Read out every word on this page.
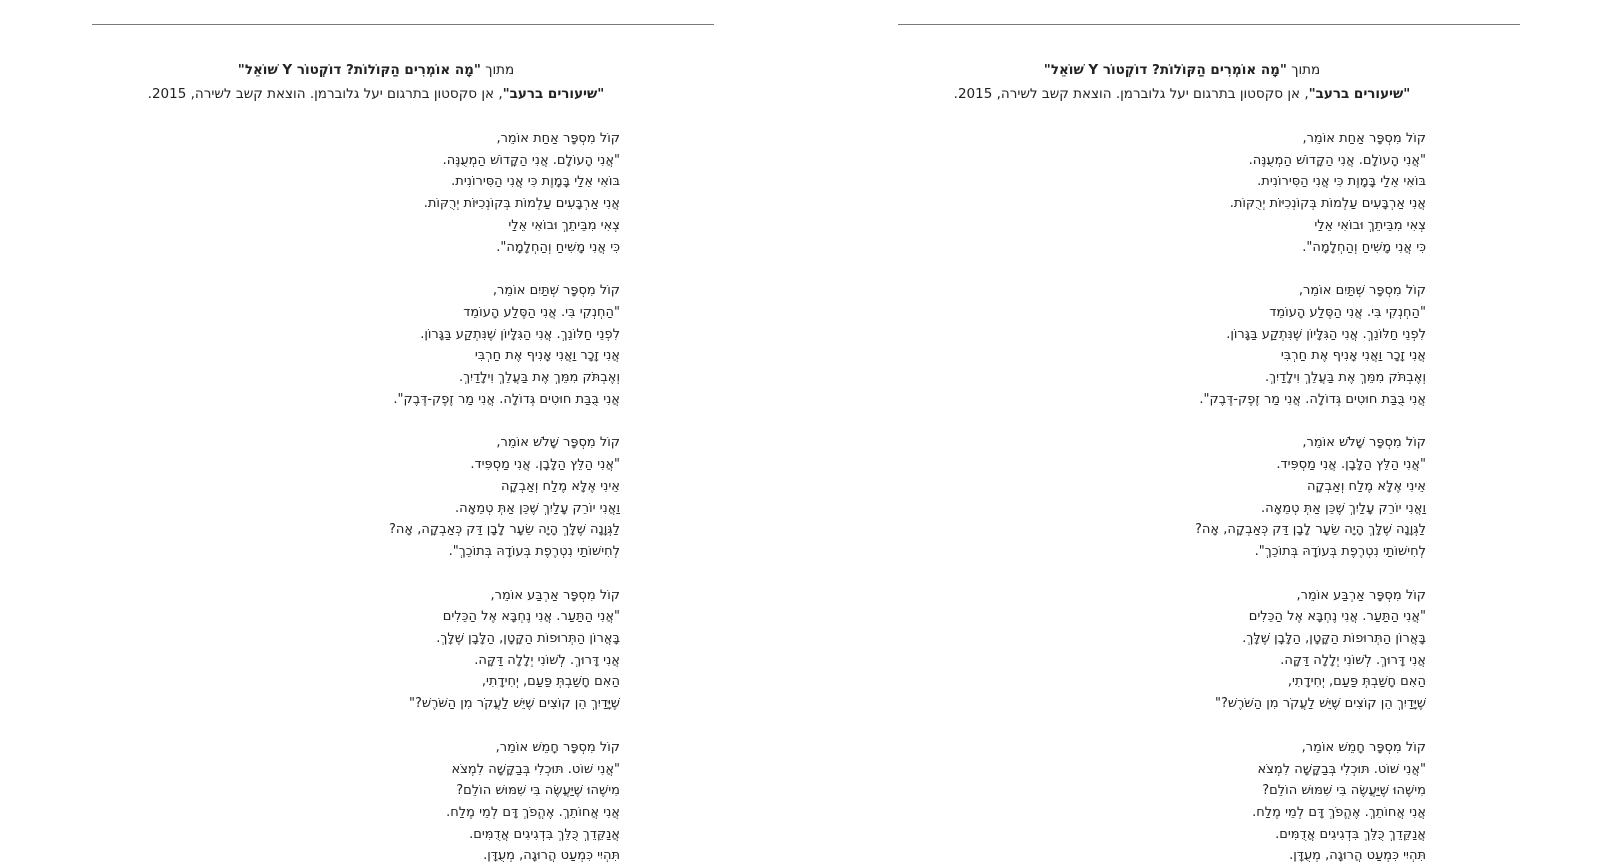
מתוך "מָה אוֹמְרִים הַקּוֹלוֹת? דוֹקְטוֹר Y שׁוֹאֵל"
"שיעורים ברעב", אן סקסטון בתרגום יעל גלוברמן. הוצאת קשב לשירה, 2015.
קוֹל מִסְפָּר אַחַת אוֹמֵר,
"אֲנִי הָעוֹלָם. אֲנִי הַקָּדוֹשׁ הַמְעֻנֶּה.
בּוֹאִי אֵלַי בָּמָוֶת כִּי אֲנִי הַסִּירוֹנִית.
אֲנִי אַרְבָּעִים עַלְמוֹת בְּקוֹנְכִיּוֹת יְרֻקּוֹת.
צְאִי מִבֵּיתֵךְ וּבוֹאִי אֵלַי
כִּי אֲנִי מָשִׁיחַ וְהַחְלָמָה".
קוֹל מִסְפָּר שְׁתַּיִם אוֹמֵר,
"הַחְנְקִי בִּי. אֲנִי הַסֶּלַע הָעוֹמֵד
לִפְנֵי חַלּוֹנֵךְ. אֲנִי הַגִּלָּיוֹן שֶׁנִּתְקַע בַּגָּרוֹן.
אֲנִי זָכָר וַאֲנִי אָנִיף אֶת חַרְבִּי
וְאֶבְתֹּק מִמֵּךְ אֶת בַּעֲלֵךְ וִילָדַיִךְ.
אֲנִי בֻּבַּת חוּטִים גְּדוֹלָה. אֲנִי מַר זֶפֶק-דֶּבֶק".
קוֹל מִסְפָּר שָׁלֹשׁ אוֹמֵר,
"אֲנִי הַלֵּץ הַלָּבָן. אֲנִי מַסְפִּיד.
אֵינִי אֶלָּא מֶלַח וְאַבְקָה
וַאֲנִי יוֹרֵק עָלַיִךְ שֶׁכֵּן אַתְּ טְמֵאָה.
לַגְּוָנָה שֶׁלָּךְ הָיָה שֵׂעָר לָבָן דַּק כְּאַבְקָה, אָה?
לְחִישׁוֹתַי נִטְרֶפֶת בְּעוֹדָהּ בְּתוֹכֵךְ".
קוֹל מִסְפָּר אַרְבַּע אוֹמֵר,
"אֲנִי הַתַּעַר. אֲנִי נֶחְבָּא אֶל הַכֵּלִים
בָּאֲרוֹן הַתְּרוּפוֹת הַקָּטָן, הַלָּבָן שֶׁלָּךְ.
אֲנִי דָּרוּךְ. לְשׁוֹנִי יְלָלָה דַּקָּה.
הַאִם חָשַׁבְתְּ פַּעַם, יְחִידָתִי,
שֶׁיָּדַיִךְ הֵן קוֹצִים שֶׁיֵּשׁ לַעֲקֹר מִן הַשֹּׁרֶשׁ?"
קוֹל מִסְפָּר חָמֵשׁ אוֹמֵר,
"אֲנִי שׁוֹט. תּוּכְלִי בְּבַקָּשָׁה לִמְצֹא
מִישֶׁהוּ שֶׁיַּעֲשֶׂה בִּי שִׁמּוּשׁ הוֹלֵם?
אֲנִי אֲחוֹתֵךְ. אֶהֱפֹךְ דָּם לְמֵי מֶלַח.
אֲנַקֵּדֵךְ כֻּלֵּךְ בִּדְגִיגִים אֲדֻמִּים.
תִּהְיִי כִּמְעַט הֲרוּגָה, מְעֻדָּן.
מתוך "מָה אוֹמְרִים הַקּוֹלוֹת? דוֹקְטוֹר Y שׁוֹאֵל"
"שיעורים ברעב", אן סקסטון בתרגום יעל גלוברמן. הוצאת קשב לשירה, 2015.
קוֹל מִסְפָּר אַחַת אוֹמֵר,
"אֲנִי הָעוֹלָם. אֲנִי הַקָּדוֹשׁ הַמְעֻנֶּה.
בּוֹאִי אֵלַי בָּמָוֶת כִּי אֲנִי הַסִּירוֹנִית.
אֲנִי אַרְבָּעִים עַלְמוֹת בְּקוֹנְכִיּוֹת יְרֻקּוֹת.
צְאִי מִבֵּיתֵךְ וּבוֹאִי אֵלַי
כִּי אֲנִי מָשִׁיחַ וְהַחְלָמָה".
קוֹל מִסְפָּר שְׁתַּיִם אוֹמֵר,
"הַחְנְקִי בִּי. אֲנִי הַסֶּלַע הָעוֹמֵד
לִפְנֵי חַלּוֹנֵךְ. אֲנִי הַגִּלָּיוֹן שֶׁנִּתְקַע בַּגָּרוֹן.
אֲנִי זָכָר וַאֲנִי אָנִיף אֶת חַרְבִּי
וְאֶבְתֹּק מִמֵּךְ אֶת בַּעֲלֵךְ וִילָדַיִךְ.
אֲנִי בֻּבַּת חוּטִים גְּדוֹלָה. אֲנִי מַר זֶפֶק-דֶּבֶק".
קוֹל מִסְפָּר שָׁלֹשׁ אוֹמֵר,
"אֲנִי הַלֵּץ הַלָּבָן. אֲנִי מַסְפִּיד.
אֵינִי אֶלָּא מֶלַח וְאַבְקָה
וַאֲנִי יוֹרֵק עָלַיִךְ שֶׁכֵּן אַתְּ טְמֵאָה.
לַגְּוָנָה שֶׁלָּךְ הָיָה שֵׂעָר לָבָן דַּק כְּאַבְקָה, אָה?
לְחִישׁוֹתַי נִטְרֶפֶת בְּעוֹדָהּ בְּתוֹכֵךְ".
קוֹל מִסְפָּר אַרְבַּע אוֹמֵר,
"אֲנִי הַתַּעַר. אֲנִי נֶחְבָּא אֶל הַכֵּלִים
בָּאֲרוֹן הַתְּרוּפוֹת הַקָּטָן, הַלָּבָן שֶׁלָּךְ.
אֲנִי דָּרוּךְ. לְשׁוֹנִי יְלָלָה דַּקָּה.
הַאִם חָשַׁבְתְּ פַּעַם, יְחִידָתִי,
שֶׁיָּדַיִךְ הֵן קוֹצִים שֶׁיֵּשׁ לַעֲקֹר מִן הַשֹּׁרֶשׁ?"
קוֹל מִסְפָּר חָמֵשׁ אוֹמֵר,
"אֲנִי שׁוֹט. תּוּכְלִי בְּבַקָּשָׁה לִמְצֹא
מִישֶׁהוּ שֶׁיַּעֲשֶׂה בִּי שִׁמּוּשׁ הוֹלֵם?
אֲנִי אֲחוֹתֵךְ. אֶהֱפֹךְ דָּם לְמֵי מֶלַח.
אֲנַקֵּדֵךְ כֻּלֵּךְ בִּדְגִיגִים אֲדֻמִּים.
תִּהְיִי כִּמְעַט הֲרוּגָה, מְעֻדָּן.
